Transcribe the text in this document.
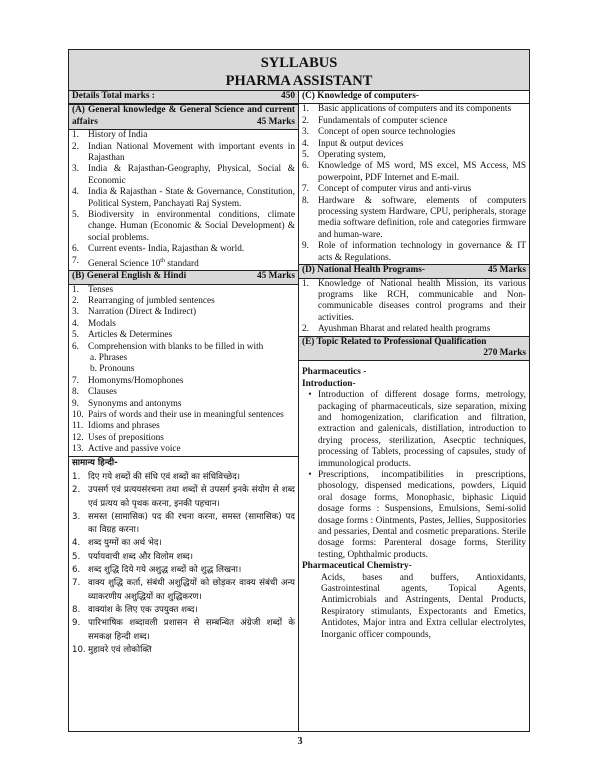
SYLLABUS
PHARMA ASSISTANT
Details Total marks :	450
(A) General knowledge & General Science and current affairs	45 Marks
1. History of India
2. Indian National Movement with important events in Rajasthan
3. India & Rajasthan-Geography, Physical, Social & Economic
4. India & Rajasthan - State & Governance, Constitution, Political System, Panchayati Raj System.
5. Biodiversity in environmental conditions, climate change. Human (Economic & Social Development) & social problems.
6. Current events- India, Rajasthan & world.
7. General Science 10th standard
(B) General English & Hindi	45 Marks
1. Tenses
2. Rearranging of jumbled sentences
3. Narration (Direct & Indirect)
4. Modals
5. Articles & Determines
6. Comprehension with blanks to be filled in with
a. Phrases
b. Pronouns
7. Homonyms/Homophones
8. Clauses
9. Synonyms and antonyms
10. Pairs of words and their use in meaningful sentences
11. Idioms and phrases
12. Uses of prepositions
13. Active and passive voice
सामान्य हिन्दी-
1. दिए गये शब्दों की संधि एवं शब्दों का संधिविच्छेद।
2. उपसर्ग एवं प्रत्ययसंरचना तथा शब्दों से उपसर्ग इनके संयोग से शब्द एवं प्रत्यय को पृथक करना, इनकी पहचान।
3. समस्त (सामासिक) पद की रचना करना, समस्त (सामासिक) पद का विग्रह करना।
4. शब्द युग्मों का अर्थ भेद।
5. पर्यायवाची शब्द और विलोम शब्द।
6. शब्द शुद्धि दिये गये अशुद्ध शब्दों को शुद्ध लिखना।
7. वाक्य शुद्धि कर्ता, संबंधी अशुद्धियों को छोड़कर वाक्य संबंधी अन्य व्याकरणीय अशुद्धियों का शुद्धिकरण।
8. वाक्यांश के लिए एक उपयुक्त शब्द।
9. पारिभाषिक शब्दावली प्रशासन से सम्बन्धित अंग्रेजी शब्दों के समकक्ष हिन्दी शब्द।
10. मुहावरे एवं लोकोक्ति
(C) Knowledge of computers-
1. Basic applications of computers and its components
2. Fundamentals of computer science
3. Concept of open source technologies
4. Input & output devices
5. Operating system,
6. Knowledge of MS word, MS excel, MS Access, MS powerpoint, PDF Internet and E-mail.
7. Concept of computer virus and anti-virus
8. Hardware & software, elements of computers processing system Hardware, CPU, peripherals, storage media software definition, role and categories firmware and human-ware.
9. Role of information technology in governance & IT acts & Regulations.
(D) National Health Programs-	45 Marks
1. Knowledge of National health Mission, its various programs like RCH, communicable and Non-communicable diseases control programs and their activities.
2. Ayushman Bharat and related health programs
(E) Topic Related to Professional Qualification
270 Marks
Pharmaceutics -
Introduction-
• Introduction of different dosage forms, metrology, packaging of pharmaceuticals, size separation, mixing and homogenization, clarification and filtration, extraction and galenicals, distillation, introduction to drying process, sterilization, Asecptic techniques, processing of Tablets, processing of capsules, study of immunological products.
• Prescriptions, incompatibilities in prescriptions, phosology, dispensed medications, powders, Liquid oral dosage forms, Monophasic, biphasic Liquid dosage forms : Suspensions, Emulsions, Semi-solid dosage forms : Ointments, Pastes, Jellies, Suppositories and pessaries, Dental and cosmetic preparations. Sterile dosage forms: Parenteral dosage forms, Sterility testing, Ophthalmic products.
Pharmaceutical Chemistry-
Acids, bases and buffers, Antioxidants, Gastrointestinal agents, Topical Agents, Antimicrobials and Astringents, Dental Products, Respiratory stimulants, Expectorants and Emetics, Antidotes, Major intra and Extra cellular electrolytes, Inorganic officer compounds,
3
